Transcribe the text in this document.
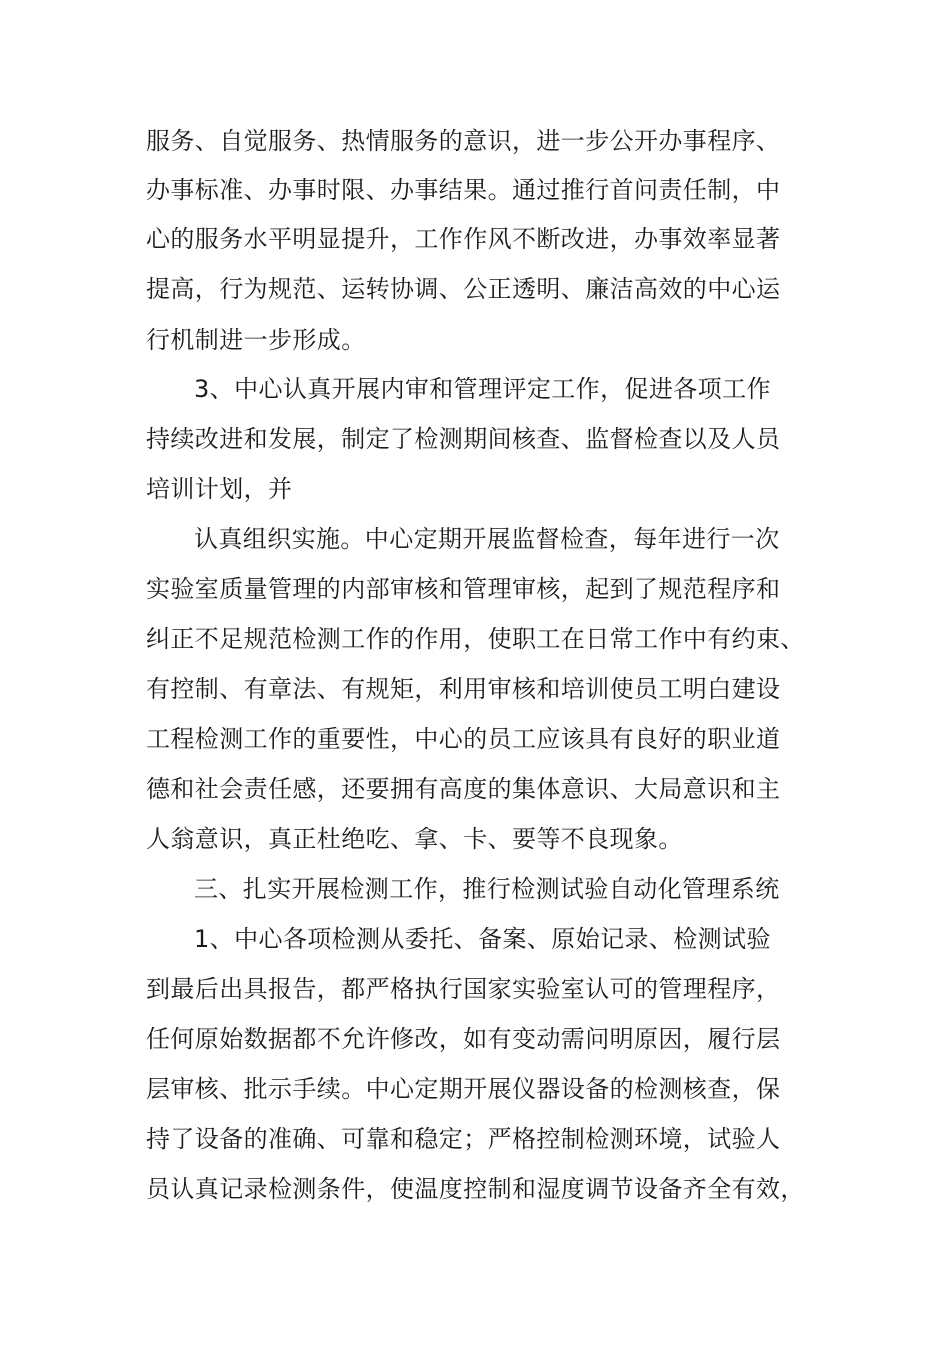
服务、自觉服务、热情服务的意识，进一步公开办事程序、
办事标准、办事时限、办事结果。通过推行首问责任制，中
心的服务水平明显提升，工作作风不断改进，办事效率显著
提高，行为规范、运转协调、公正透明、廉洁高效的中心运
行机制进一步形成。
3、中心认真开展内审和管理评定工作，促进各项工作
持续改进和发展，制定了检测期间核查、监督检查以及人员
培训计划，并
认真组织实施。中心定期开展监督检查，每年进行一次
实验室质量管理的内部审核和管理审核，起到了规范程序和
纠正不足规范检测工作的作用，使职工在日常工作中有约束、
有控制、有章法、有规矩，利用审核和培训使员工明白建设
工程检测工作的重要性，中心的员工应该具有良好的职业道
德和社会责任感，还要拥有高度的集体意识、大局意识和主
人翁意识，真正杜绝吃、拿、卡、要等不良现象。
三、扎实开展检测工作，推行检测试验自动化管理系统
1、中心各项检测从委托、备案、原始记录、检测试验
到最后出具报告，都严格执行国家实验室认可的管理程序，
任何原始数据都不允许修改，如有变动需问明原因，履行层
层审核、批示手续。中心定期开展仪器设备的检测核查，保
持了设备的准确、可靠和稳定；严格控制检测环境，试验人
员认真记录检测条件，使温度控制和湿度调节设备齐全有效，
